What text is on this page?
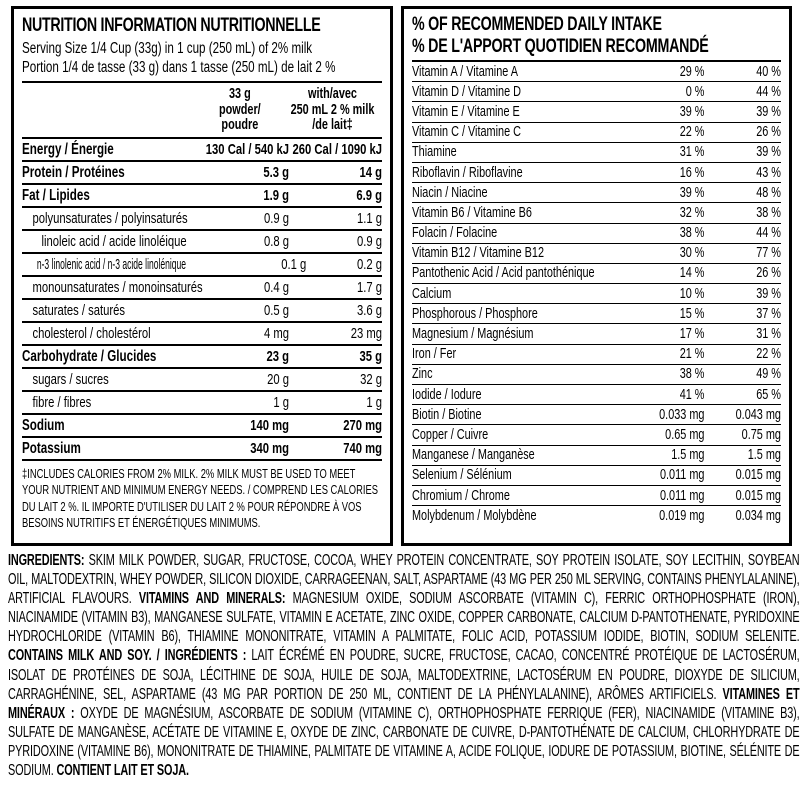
NUTRITION INFORMATION NUTRITIONNELLE

Serving Size 1/4 Cup (33g) in 1 cup (250 mL) of 2% milk

Portion 1/4 de tasse (33 g) dans 1 tasse (250 mL) de lait 2 %

33 g
powder/
poudre
with/avec
250 mL 2 % milk
/de lait‡
Energy / Énergie	130 Cal / 540 kJ 260 Cal / 1090 kJ
Protein / Protéines	5.3 g	14 g
Fat / Lipides	1.9 g	6.9 g
polyunsaturates / polyinsaturés	0.9 g	1.1 g
linoleic acid / acide linoléique	0.8 g	0.9 g
n-3 linolenic acid / n-3 acide linolénique	0.1 g	0.2 g
monounsaturates / monoinsaturés	0.4 g	1.7 g
saturates / saturés	0.5 g	3.6 g
cholesterol / cholestérol	4 mg	23 mg
Carbohydrate / Glucides	23 g	35 g
sugars / sucres	20 g	32 g
fibre / fibres	1 g	1 g
Sodium	140 mg	270 mg
Potassium	340 mg	740 mg

‡INCLUDES CALORIES FROM 2% MILK. 2% MILK MUST BE USED TO MEET YOUR NUTRIENT AND MINIMUM ENERGY NEEDS. / COMPREND LES CALORIES DU LAIT 2 %. IL IMPORTE D'UTILISER DU LAIT 2 % POUR RÉPONDRE À VOS BESOINS NUTRITIFS ET ÉNERGÉTIQUES MINIMUMS.

% OF RECOMMENDED DAILY INTAKE
% DE L'APPORT QUOTIDIEN RECOMMANDÉ
Vitamin A / Vitamine A	29 %	40 %
Vitamin D / Vitamine D	0 %	44 %
Vitamin E / Vitamine E	39 %	39 %
Vitamin C / Vitamine C	22 %	26 %
Thiamine	31 %	39 %
Riboflavin / Riboflavine	16 %	43 %
Niacin / Niacine	39 %	48 %
Vitamin B6 / Vitamine B6	32 %	38 %
Folacin / Folacine	38 %	44 %
Vitamin B12 / Vitamine B12	30 %	77 %
Pantothenic Acid / Acid pantothénique	14 %	26 %
Calcium	10 %	39 %
Phosphorous / Phosphore	15 %	37 %
Magnesium / Magnésium	17 %	31 %
Iron / Fer	21 %	22 %
Zinc	38 %	49 %
Iodide / Iodure	41 %	65 %
Biotin / Biotine	0.033 mg	0.043 mg
Copper / Cuivre	0.65 mg	0.75 mg
Manganese / Manganèse	1.5 mg	1.5 mg
Selenium / Sélénium	0.011 mg	0.015 mg
Chromium / Chrome	0.011 mg	0.015 mg
Molybdenum / Molybdène	0.019 mg	0.034 mg

INGREDIENTS: SKIM MILK POWDER, SUGAR, FRUCTOSE, COCOA, WHEY PROTEIN CONCENTRATE, SOY PROTEIN ISOLATE, SOY LECITHIN, SOYBEAN OIL, MALTODEXTRIN, WHEY POWDER, SILICON DIOXIDE, CARRAGEENAN, SALT, ASPARTAME (43 MG PER 250 ML SERVING, CONTAINS PHENYLALANINE), ARTIFICIAL FLAVOURS. VITAMINS AND MINERALS: MAGNESIUM OXIDE, SODIUM ASCORBATE (VITAMIN C), FERRIC ORTHOPHOSPHATE (IRON), NIACINAMIDE (VITAMIN B3), MANGANESE SULFATE, VITAMIN E ACETATE, ZINC OXIDE, COPPER CARBONATE, CALCIUM D-PANTOTHENATE, PYRIDOXINE HYDROCHLORIDE (VITAMIN B6), THIAMINE MONONITRATE, VITAMIN A PALMITATE, FOLIC ACID, POTASSIUM IODIDE, BIOTIN, SODIUM SELENITE. CONTAINS MILK AND SOY. / INGRÉDIENTS : LAIT ÉCRÉMÉ EN POUDRE, SUCRE, FRUCTOSE, CACAO, CONCENTRÉ PROTÉIQUE DE LACTOSÉRUM, ISOLAT DE PROTÉINES DE SOJA, LÉCITHINE DE SOJA, HUILE DE SOJA, MALTODEXTRINE, LACTOSÉRUM EN POUDRE, DIOXYDE DE SILICIUM, CARRAGHÉNINE, SEL, ASPARTAME (43 MG PAR PORTION DE 250 ML, CONTIENT DE LA PHÉNYLALANINE), ARÔMES ARTIFICIELS. VITAMINES ET MINÉRAUX : OXYDE DE MAGNÉSIUM, ASCORBATE DE SODIUM (VITAMINE C), ORTHOPHOSPHATE FERRIQUE (FER), NIACINAMIDE (VITAMINE B3), SULFATE DE MANGANÈSE, ACÉTATE DE VITAMINE E, OXYDE DE ZINC, CARBONATE DE CUIVRE, D-PANTOTHÉNATE DE CALCIUM, CHLORHYDRATE DE PYRIDOXINE (VITAMINE B6), MONONITRATE DE THIAMINE, PALMITATE DE VITAMINE A, ACIDE FOLIQUE, IODURE DE POTASSIUM, BIOTINE, SÉLÉNITE DE SODIUM. CONTIENT LAIT ET SOJA.
